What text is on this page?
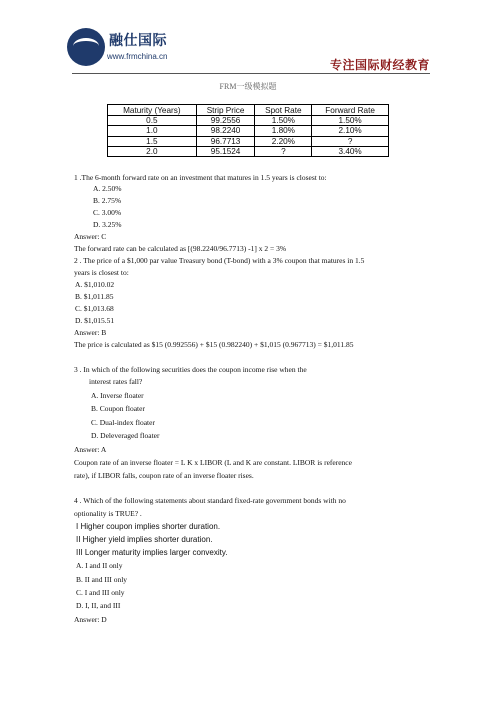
融仕国际
www.frmchina.cn
专注国际财经教育
FRM一级模拟题
Maturity (Years)	Strip Price	Spot Rate	Forward Rate
0.5	99.2556	1.50%	1.50%
1.0	98.2240	1.80%	2.10%
1.5	96.7713	2.20%	?
2.0	95.1524	?	3.40%
1 .The 6-month forward rate on an investment that matures in 1.5 years is closest to:
A. 2.50%
B. 2.75%
C. 3.00%
D. 3.25%
Answer: C
The forward rate can be calculated as [(98.2240/96.7713) -1] x 2 = 3%
2 . The price of a $1,000 par value Treasury bond (T-bond) with a 3% coupon that matures in 1.5
years is closest to:
A. $1,010.02
B. $1,011.85
C. $1,013.68
D. $1,015.51
Answer: B
The price is calculated as $15 (0.992556) + $15 (0.982240) + $1,015 (0.967713) = $1,011.85
3 . In which of the following securities does the coupon income rise when the
interest rates fall?
A. Inverse floater
B. Coupon floater
C. Dual-index floater
D. Deleveraged floater
Answer: A
Coupon rate of an inverse floater = L K x LIBOR (L and K are constant. LIBOR is reference
rate), if LIBOR falls, coupon rate of an inverse floater rises.
4 . Which of the following statements about standard fixed-rate government bonds with no
optionality is TRUE? .
I Higher coupon implies shorter duration.
II Higher yield implies shorter duration.
III Longer maturity implies larger convexity.
A. I and II only
B. II and III only
C. I and III only
D. I, II, and III
Answer: D
